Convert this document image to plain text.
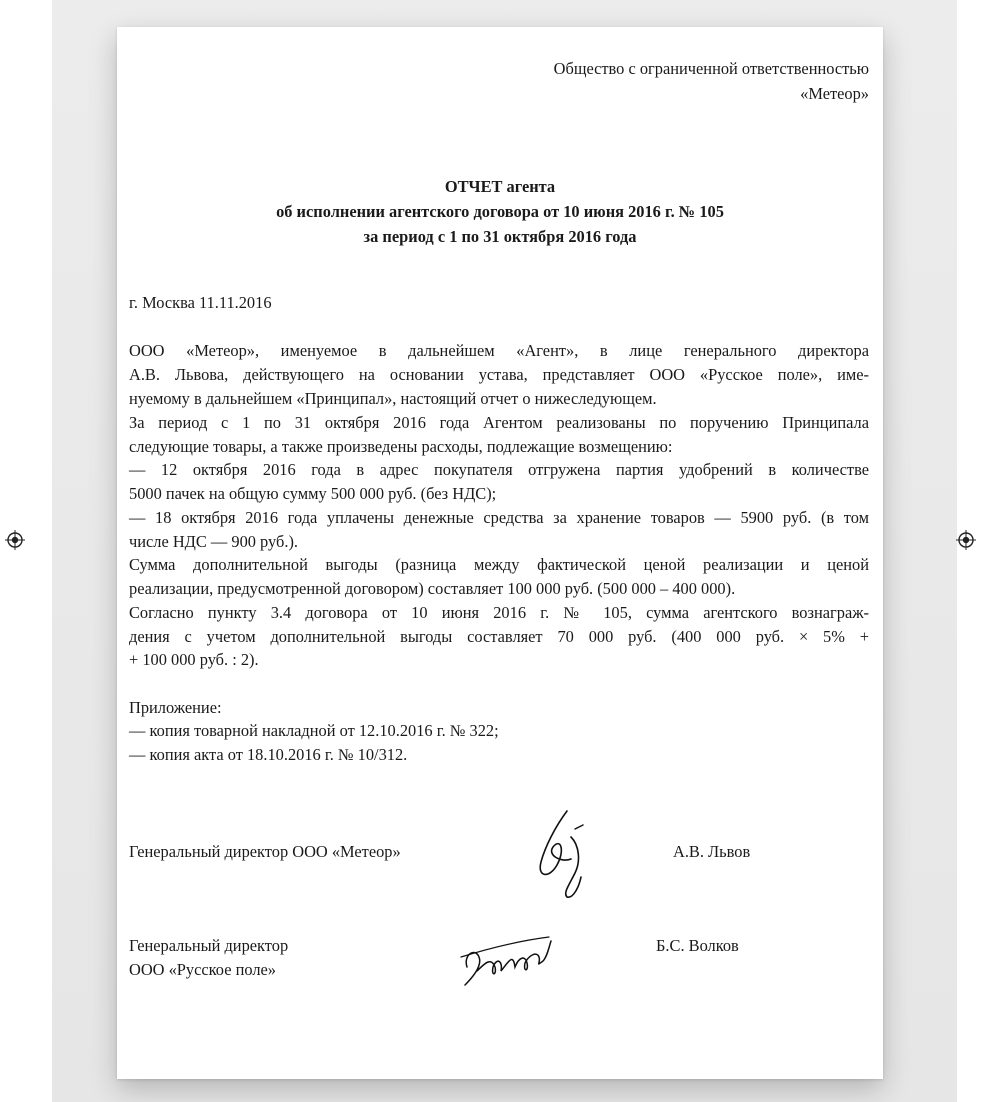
Общество с ограниченной ответственностью
«Метеор»
ОТЧЕТ агента
об исполнении агентского договора от 10 июня 2016 г. № 105
за период с 1 по 31 октября 2016 года
г. Москва 11.11.2016
ООО «Метеор», именуемое в дальнейшем «Агент», в лице генерального директора
А.В. Львова, действующего на основании устава, представляет ООО «Русское поле», име-
нуемому в дальнейшем «Принципал», настоящий отчет о нижеследующем.
За период с 1 по 31 октября 2016 года Агентом реализованы по поручению Принципала
следующие товары, а также произведены расходы, подлежащие возмещению:
— 12 октября 2016 года в адрес покупателя отгружена партия удобрений в количестве
5000 пачек на общую сумму 500 000 руб. (без НДС);
— 18 октября 2016 года уплачены денежные средства за хранение товаров — 5900 руб. (в том
числе НДС — 900 руб.).
Сумма дополнительной выгоды (разница между фактической ценой реализации и ценой
реализации, предусмотренной договором) составляет 100 000 руб. (500 000 – 400 000).
Согласно пункту 3.4 договора от 10 июня 2016 г. № 105, сумма агентского вознаграж-
дения с учетом дополнительной выгоды составляет 70 000 руб. (400 000 руб. × 5% +
+ 100 000 руб. : 2).
Приложение:
— копия товарной накладной от 12.10.2016 г. № 322;
— копия акта от 18.10.2016 г. № 10/312.
Генеральный директор ООО «Метеор»	А.В. Львов
Генеральный директор
ООО «Русское поле»
Б.С. Волков
